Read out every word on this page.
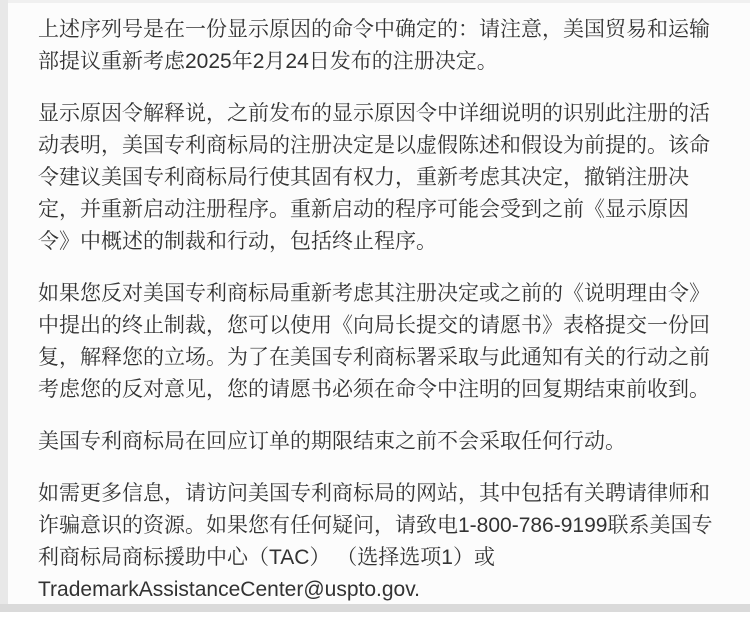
上述序列号是在一份显示原因的命令中确定的：请注意，美国贸易和运输
部提议重新考虑2025年2月24日发布的注册决定。

显示原因令解释说，之前发布的显示原因令中详细说明的识别此注册的活
动表明，美国专利商标局的注册决定是以虚假陈述和假设为前提的。该命
令建议美国专利商标局行使其固有权力，重新考虑其决定，撤销注册决
定，并重新启动注册程序。重新启动的程序可能会受到之前《显示原因
令》中概述的制裁和行动，包括终止程序。

如果您反对美国专利商标局重新考虑其注册决定或之前的《说明理由令》
中提出的终止制裁，您可以使用《向局长提交的请愿书》表格提交一份回
复，解释您的立场。为了在美国专利商标署采取与此通知有关的行动之前
考虑您的反对意见，您的请愿书必须在命令中注明的回复期结束前收到。

美国专利商标局在回应订单的期限结束之前不会采取任何行动。

如需更多信息，请访问美国专利商标局的网站，其中包括有关聘请律师和
诈骗意识的资源。如果您有任何疑问，请致电1-800-786-9199联系美国专
利商标局商标援助中心（TAC） （选择选项1）或
TrademarkAssistanceCenter@uspto.gov.
